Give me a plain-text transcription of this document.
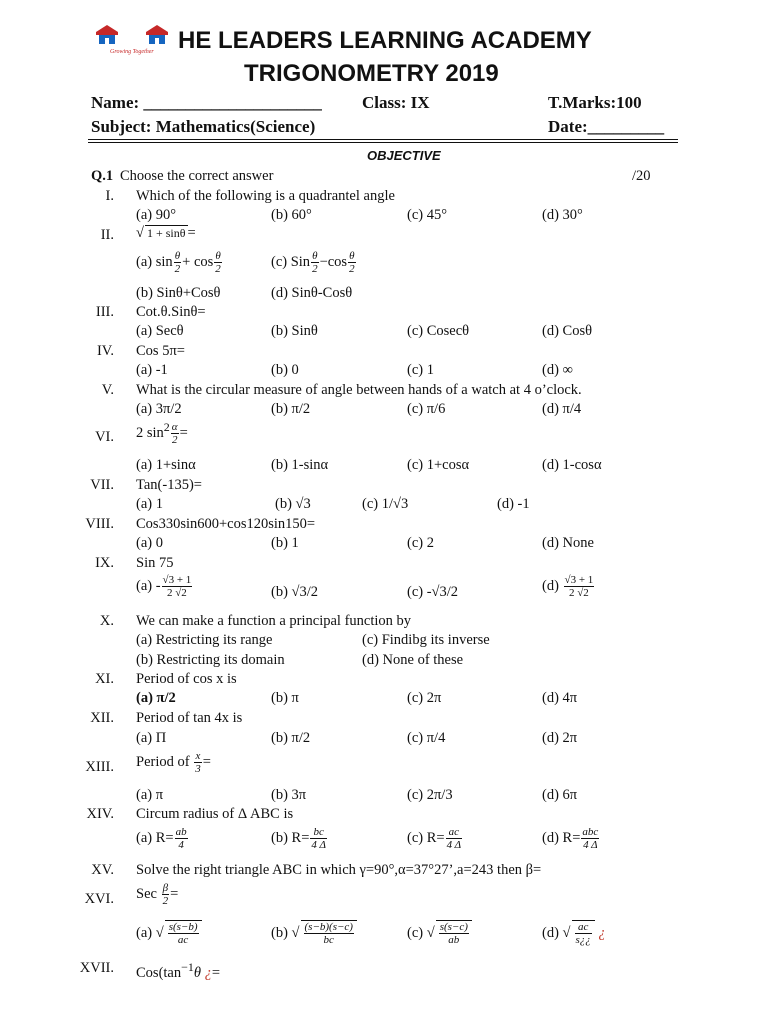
Growing Together HE LEADERS LEARNING ACADEMY
TRIGONOMETRY 2019
Name: _____________________ Class: IX	T.Marks:100
Subject: Mathematics(Science)	Date:_________
OBJECTIVE
Q.1 Choose the correct answer	/20
I. Which of the following is a quadrantel angle
(a) 90°	(b) 60°	(c) 45°	(d) 30°
II. √ 1 + sinθ =
(a) $\sin \frac{\theta}{2} + \cos \frac{\theta}{2}$	(c) Sin $\frac{\theta}{2} -\cos \frac{\theta}{2}$
(b) Sinθ+Cosθ	(d) Sinθ-Cosθ
III. Cot.θ.Sinθ=
(a) Secθ	(b) Sinθ	(c) Cosecθ	(d) Cosθ
IV. Cos 5π=
(a) -1	(b) 0	(c) 1	(d) ∞
V. What is the circular measure of angle between hands of a watch at 4 o’clock.
(a) 3π/2	(b) π/2	(c) π/6	(d) π/4
VI. 2 $\sin^2 \frac{\alpha}{2}$ =
(a) 1+sinα	(b) 1-sinα	(c) 1+cosα	(d) 1-cosα
VII. Tan(-135)=
(a) 1	(b) √3	(c) 1/√3	(d) -1
VIII. Cos330sin600+cos120sin150=
(a) 0	(b) 1	(c) 2	(d) None
IX. Sin 75
$(a) - \frac{√3 + 1}{2 √2}$	(b) √3/2	(c) -√3/2	$(d) \frac{√3 + 1}{2 √2}$
X. We can make a function a principal function by
(a) Restricting its range	(c) Findibg its inverse
(b) Restricting its domain	(d) None of these
XI. Period of cos x is
(a) π/2	(b) π	(c) 2π	(d) 4π
XII. Period of tan 4x is
(a) Π	(b) π/2	(c) π/4	(d) 2π
XIII. Period of $\frac{x}{3}$ =
(a) π	(b) 3π	(c) 2π/3	(d) 6π
XIV. Circum radius of Δ ABC is
(a) $R= \frac{ab}{4}$	(b) $R= \frac{bc}{4 \Delta}$	(c) $R= \frac{ac}{4 \Delta}$	(d) $R= \frac{\text{abc}}{4 \Delta}$
XV. Solve the right triangle ABC in which γ=90°,α=37°27’,a=243 then β=
XVI. Sec $\frac{\beta}{2}$ =
(a) √ $\frac{s(s-b)}{ac}$	(b) √ $\frac{(s-b)(s-c)}{bc}$	(c) √ $\frac{s(s-c)}{ab}$	(d) √ $\frac{ac}{s¿¿}$ ¿
XVII. $Cos(\tan^{-1}\theta$ ¿=
